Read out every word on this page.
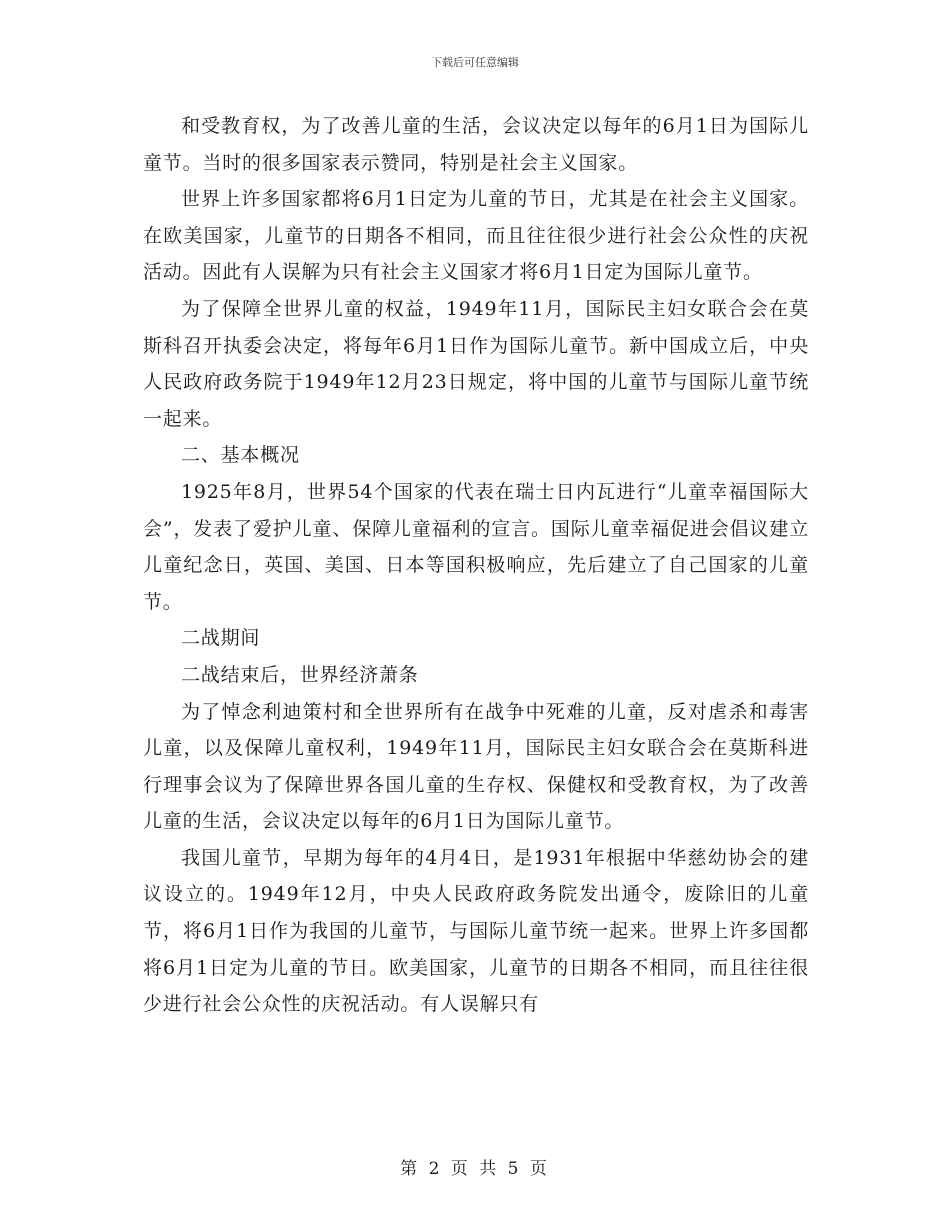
下载后可任意编辑

和受教育权，为了改善儿童的生活，会议决定以每年的6月1日为国际儿童节。当时的很多国家表示赞同，特别是社会主义国家。

世界上许多国家都将6月1日定为儿童的节日，尤其是在社会主义国家。在欧美国家，儿童节的日期各不相同，而且往往很少进行社会公众性的庆祝活动。因此有人误解为只有社会主义国家才将6月1日定为国际儿童节。

为了保障全世界儿童的权益，1949年11月，国际民主妇女联合会在莫斯科召开执委会决定，将每年6月1日作为国际儿童节。新中国成立后，中央人民政府政务院于1949年12月23日规定，将中国的儿童节与国际儿童节统一起来。

二、基本概况

1925年8月，世界54个国家的代表在瑞士日内瓦进行“儿童幸福国际大会”，发表了爱护儿童、保障儿童福利的宣言。国际儿童幸福促进会倡议建立儿童纪念日，英国、美国、日本等国积极响应，先后建立了自己国家的儿童节。

二战期间

二战结束后，世界经济萧条

为了悼念利迪策村和全世界所有在战争中死难的儿童，反对虐杀和毒害儿童，以及保障儿童权利，1949年11月，国际民主妇女联合会在莫斯科进行理事会议为了保障世界各国儿童的生存权、保健权和受教育权，为了改善儿童的生活，会议决定以每年的6月1日为国际儿童节。

我国儿童节，早期为每年的4月4日，是1931年根据中华慈幼协会的建议设立的。1949年12月，中央人民政府政务院发出通令，废除旧的儿童节，将6月1日作为我国的儿童节，与国际儿童节统一起来。世界上许多国都将6月1日定为儿童的节日。欧美国家，儿童节的日期各不相同，而且往往很少进行社会公众性的庆祝活动。有人误解只有

第 2 页 共 5 页
